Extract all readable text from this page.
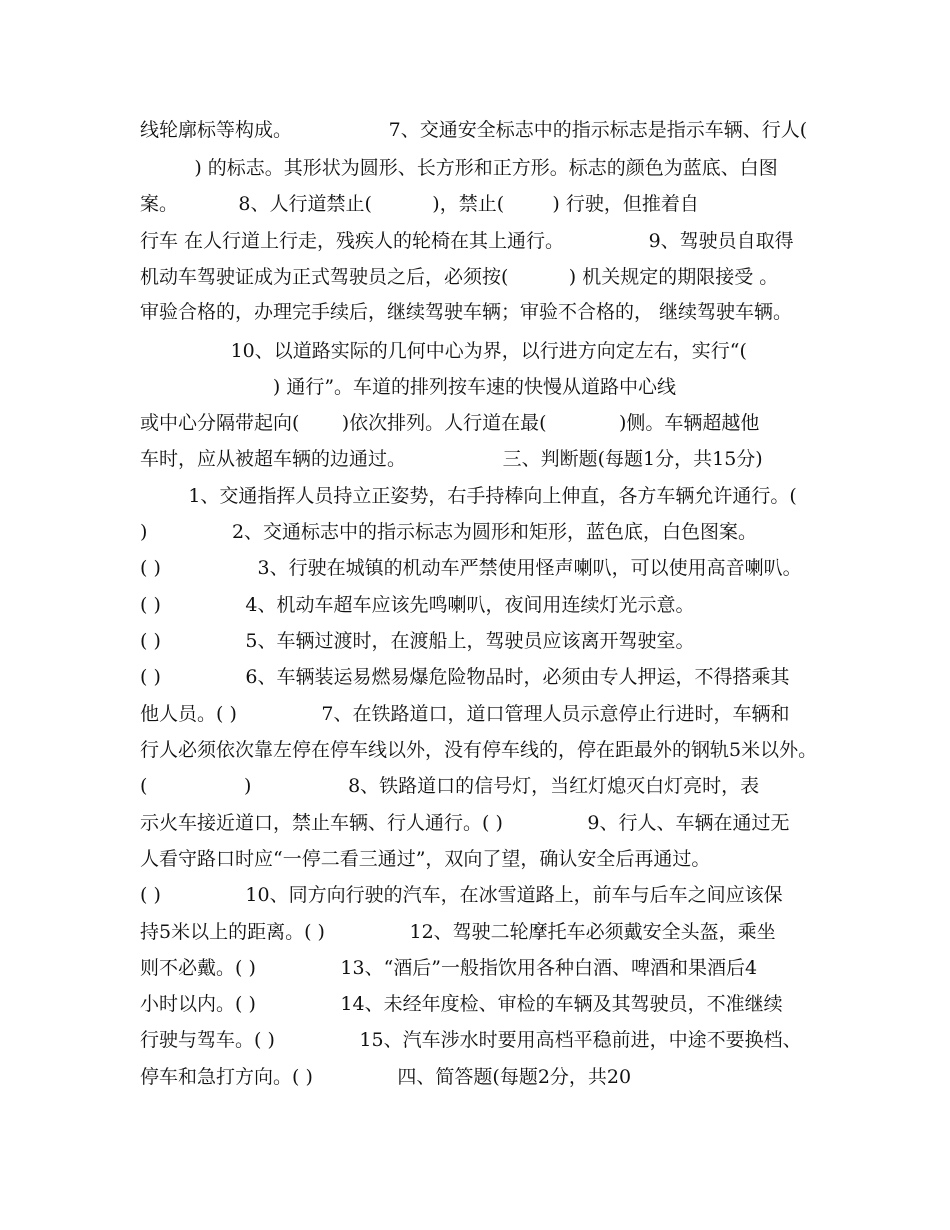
线轮廓标等构成。                7、交通安全标志中的指示标志是指示车辆、行人(

) 的标志。其形状为圆形、长方形和正方形。标志的颜色为蓝底、白图

案。          8、人行道禁止(          )，禁止(        ) 行驶，但推着自

行车 在人行道上行走，残疾人的轮椅在其上通行。              9、驾驶员自取得

机动车驾驶证成为正式驾驶员之后，必须按(          ) 机关规定的期限接受 。

审验合格的，办理完手续后，继续驾驶车辆；审验不合格的， 继续驾驶车辆。

10、以道路实际的几何中心为界，以行进方向定左右，实行“(

) 通行”。车道的排列按车速的快慢从道路中心线

或中心分隔带起向(       )依次排列。人行道在最(            )侧。车辆超越他

车时，应从被超车辆的边通过。                三、判断题(每题1分，共15分)

1、交通指挥人员持立正姿势，右手持棒向上伸直，各方车辆允许通行。(

)              2、交通标志中的指示标志为圆形和矩形，蓝色底，白色图案。

( )                3、行驶在城镇的机动车严禁使用怪声喇叭，可以使用高音喇叭。

( )              4、机动车超车应该先鸣喇叭，夜间用连续灯光示意。

( )              5、车辆过渡时，在渡船上，驾驶员应该离开驾驶室。

( )              6、车辆装运易燃易爆危险物品时，必须由专人押运，不得搭乘其

他人员。( )              7、在铁路道口，道口管理人员示意停止行进时，车辆和

行人必须依次靠左停在停车线以外，没有停车线的，停在距最外的钢轨5米以外。

(                )                8、铁路道口的信号灯，当红灯熄灭白灯亮时，表

示火车接近道口，禁止车辆、行人通行。( )              9、行人、车辆在通过无

人看守路口时应“一停二看三通过”，双向了望，确认安全后再通过。

( )              10、同方向行驶的汽车，在冰雪道路上，前车与后车之间应该保

持5米以上的距离。( )              12、驾驶二轮摩托车必须戴安全头盔，乘坐

则不必戴。( )              13、“酒后”一般指饮用各种白酒、啤酒和果酒后4

小时以内。( )              14、未经年度检、审检的车辆及其驾驶员，不准继续

行驶与驾车。( )              15、汽车涉水时要用高档平稳前进，中途不要换档、

停车和急打方向。( )              四、简答题(每题2分，共20
